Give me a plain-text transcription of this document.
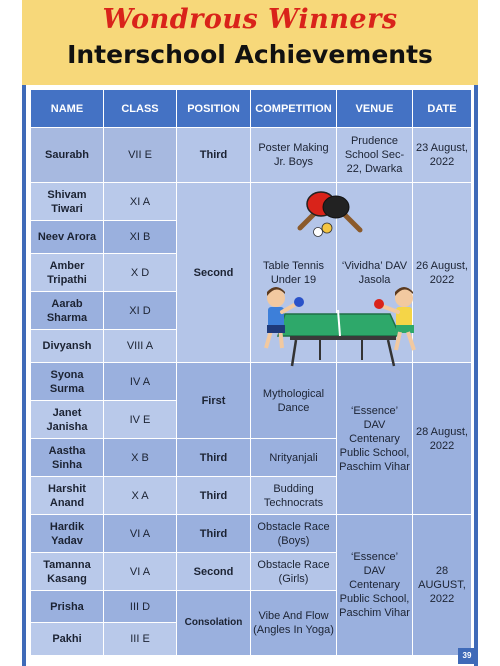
Wondrous Winners
Interschool Achievements
NAME	CLASS	POSITION	COMPETITION	VENUE	DATE
Saurabh	VII E	Third	Poster Making Jr. Boys	Prudence School Sec-22, Dwarka	23 August, 2022
Shivam Tiwari	XI A	Second	Table Tennis Under 19	‘Vividha’ DAV Jasola	26 August, 2022
Neev Arora	XI B				
Amber Tripathi	X D				
Aarab Sharma	XI D				
Divyansh	VIII A				
Syona Surma	IV A	First	Mythological Dance	‘Essence’ DAV Centenary Public School, Paschim Vihar	28 August, 2022
Janet Janisha	IV E				
Aastha Sinha	X B	Third	Nrityanjali		
Harshit Anand	X A	Third	Budding Technocrats		
Hardik Yadav	VI A	Third	Obstacle Race (Boys)	‘Essence’ DAV Centenary Public School, Paschim Vihar	28 AUGUST, 2022
Tamanna Kasang	VI A	Second	Obstacle Race (Girls)		
Prisha	III D	Consolation	Vibe And Flow (Angles In Yoga)		
Pakhi	III E				
39
